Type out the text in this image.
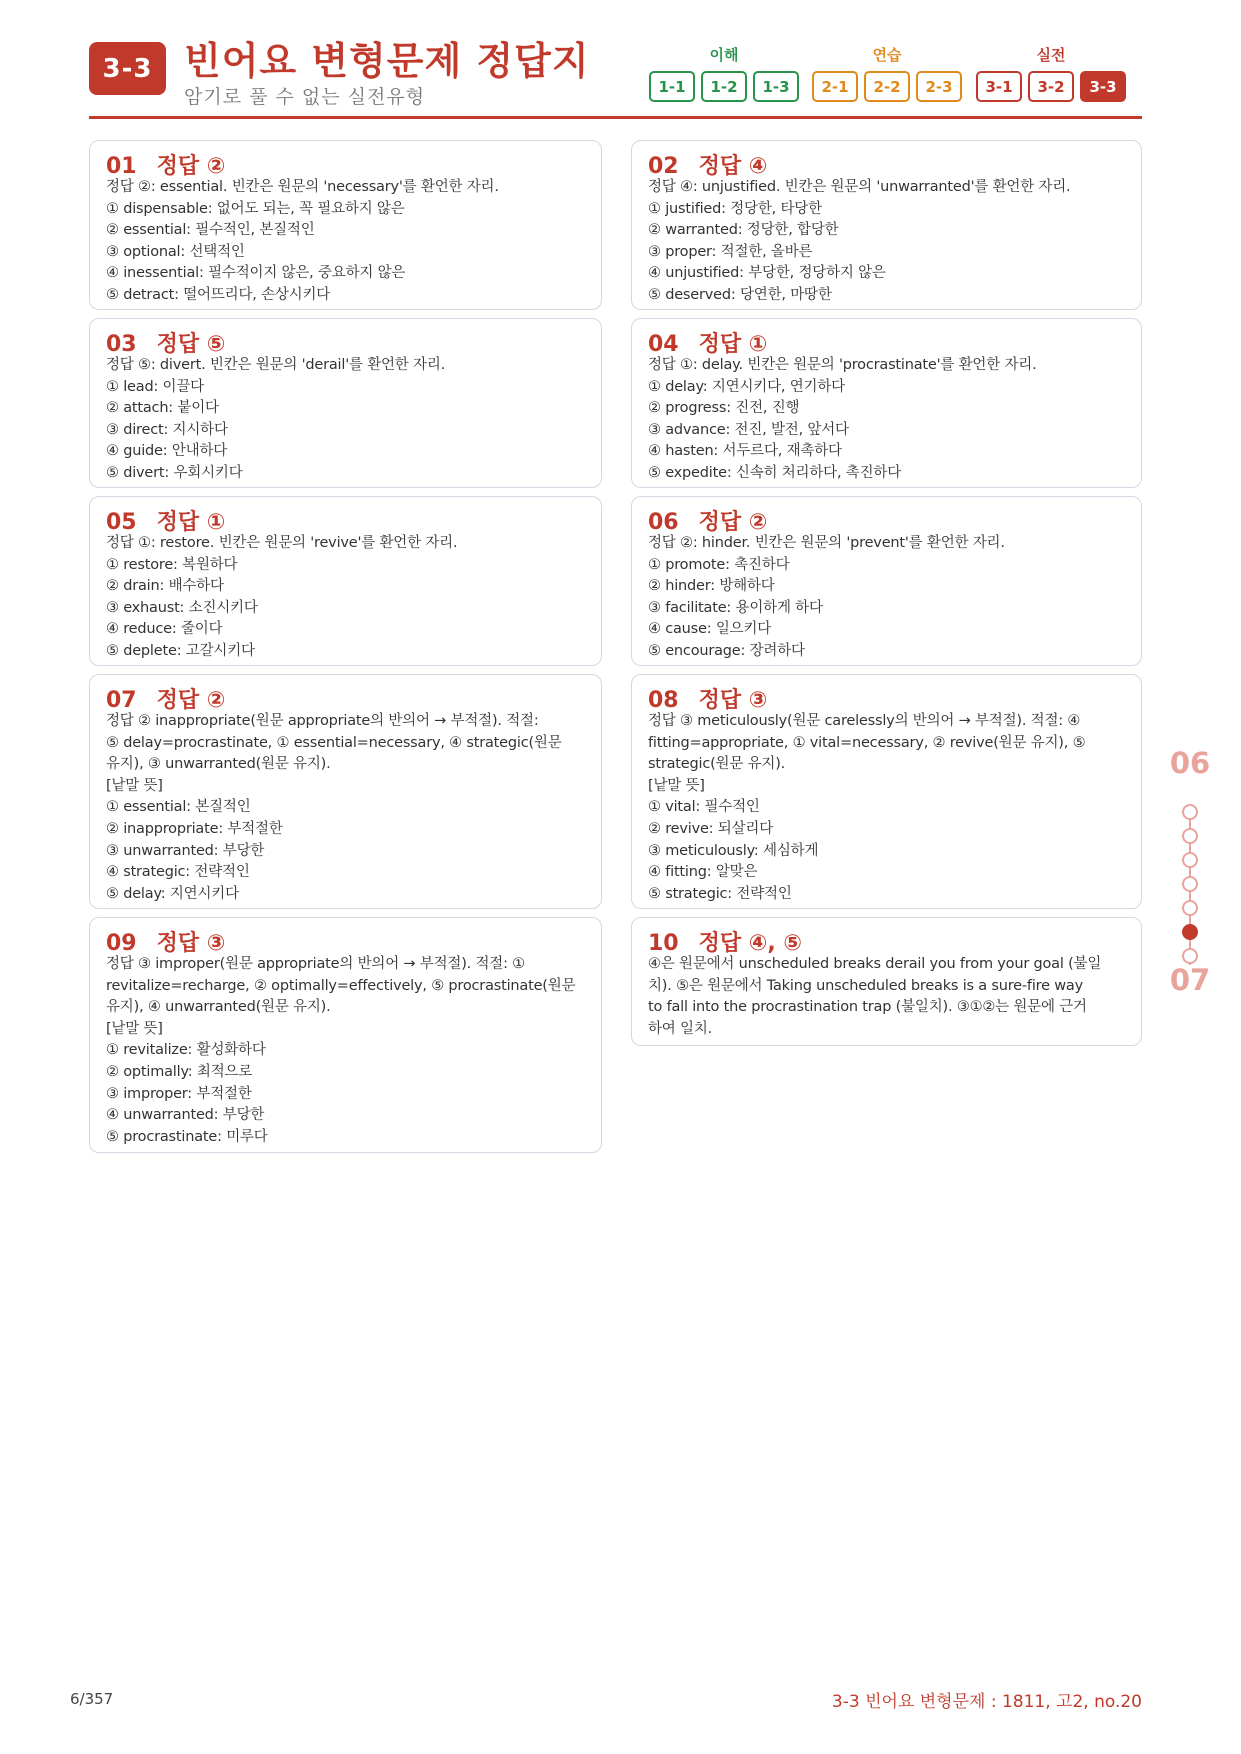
3-3 빈어요 변형문제 정답지
암기로 풀 수 없는 실전유형
이해
1-1	1-2	1-3
연습
2-1	2-2	2-3
실전
3-1	3-2	3-3
01 정답 ②
정답 ②: essential. 빈칸은 원문의 'necessary'를 환언한 자리.
① dispensable: 없어도 되는, 꼭 필요하지 않은
② essential: 필수적인, 본질적인
③ optional: 선택적인
④ inessential: 필수적이지 않은, 중요하지 않은
⑤ detract: 떨어뜨리다, 손상시키다
02 정답 ④
정답 ④: unjustified. 빈칸은 원문의 'unwarranted'를 환언한 자리.
① justified: 정당한, 타당한
② warranted: 정당한, 합당한
③ proper: 적절한, 올바른
④ unjustified: 부당한, 정당하지 않은
⑤ deserved: 당연한, 마땅한
03 정답 ⑤
정답 ⑤: divert. 빈칸은 원문의 'derail'를 환언한 자리.
① lead: 이끌다
② attach: 붙이다
③ direct: 지시하다
④ guide: 안내하다
⑤ divert: 우회시키다
04 정답 ①
정답 ①: delay. 빈칸은 원문의 'procrastinate'를 환언한 자리.
① delay: 지연시키다, 연기하다
② progress: 진전, 진행
③ advance: 전진, 발전, 앞서다
④ hasten: 서두르다, 재촉하다
⑤ expedite: 신속히 처리하다, 촉진하다
05 정답 ①
정답 ①: restore. 빈칸은 원문의 'revive'를 환언한 자리.
① restore: 복원하다
② drain: 배수하다
③ exhaust: 소진시키다
④ reduce: 줄이다
⑤ deplete: 고갈시키다
06 정답 ②
정답 ②: hinder. 빈칸은 원문의 'prevent'를 환언한 자리.
① promote: 촉진하다
② hinder: 방해하다
③ facilitate: 용이하게 하다
④ cause: 일으키다
⑤ encourage: 장려하다
07 정답 ②
정답 ② inappropriate(원문 appropriate의 반의어 → 부적절). 적절:
⑤ delay=procrastinate, ① essential=necessary, ④ strategic(원문
유지), ③ unwarranted(원문 유지).
[낱말 뜻]
① essential: 본질적인
② inappropriate: 부적절한
③ unwarranted: 부당한
④ strategic: 전략적인
⑤ delay: 지연시키다
08 정답 ③
정답 ③ meticulously(원문 carelessly의 반의어 → 부적절). 적절: ④
fitting=appropriate, ① vital=necessary, ② revive(원문 유지), ⑤
strategic(원문 유지).
[낱말 뜻]
① vital: 필수적인
② revive: 되살리다
③ meticulously: 세심하게
④ fitting: 알맞은
⑤ strategic: 전략적인
09 정답 ③
정답 ③ improper(원문 appropriate의 반의어 → 부적절). 적절: ①
revitalize=recharge, ② optimally=effectively, ⑤ procrastinate(원문
유지), ④ unwarranted(원문 유지).
[낱말 뜻]
① revitalize: 활성화하다
② optimally: 최적으로
③ improper: 부적절한
④ unwarranted: 부당한
⑤ procrastinate: 미루다
10 정답 ④, ⑤
④은 원문에서 unscheduled breaks derail you from your goal (불일
치). ⑤은 원문에서 Taking unscheduled breaks is a sure-fire way
to fall into the procrastination trap (불일치). ③①②는 원문에 근거
하여 일치.
06
07
6/357	3-3 빈어요 변형문제 : 1811, 고2, no.20
